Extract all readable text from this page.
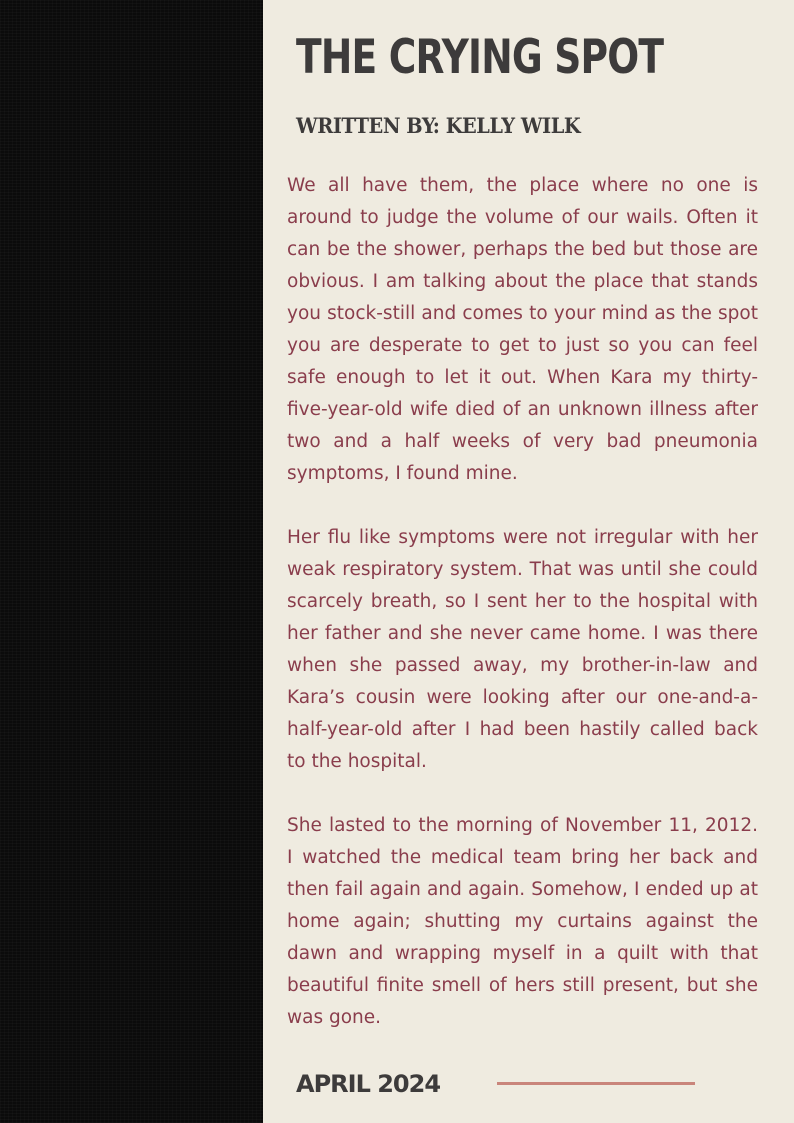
THE CRYING SPOT
WRITTEN BY: KELLY WILK

We all have them, the place where no one is around to judge the volume of our wails. Often it can be the shower, perhaps the bed but those are obvious. I am talking about the place that stands you stock-still and comes to your mind as the spot you are desperate to get to just so you can feel safe enough to let it out. When Kara my thirty-five-year-old wife died of an unknown illness after two and a half weeks of very bad pneumonia symptoms, I found mine.

Her flu like symptoms were not irregular with her weak respiratory system. That was until she could scarcely breath, so I sent her to the hospital with her father and she never came home. I was there when she passed away, my brother-in-law and Kara’s cousin were looking after our one-and-a-half-year-old after I had been hastily called back to the hospital.

She lasted to the morning of November 11, 2012. I watched the medical team bring her back and then fail again and again. Somehow, I ended up at home again; shutting my curtains against the dawn and wrapping myself in a quilt with that beautiful finite smell of hers still present, but she was gone.

APRIL 2024
